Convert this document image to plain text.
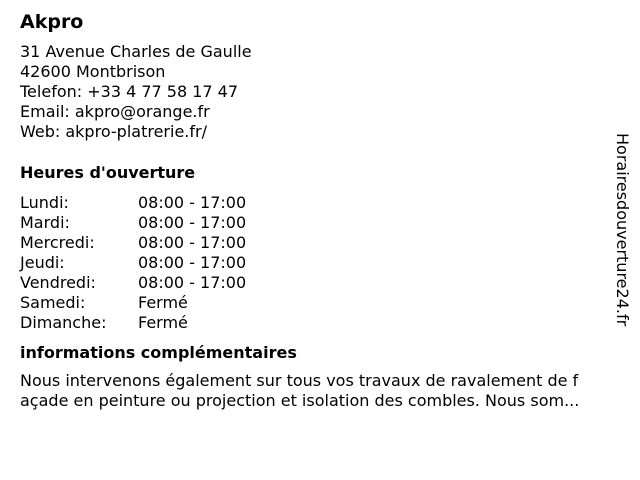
Akpro
31 Avenue Charles de Gaulle
42600 Montbrison
Telefon: +33 4 77 58 17 47
Email: akpro@orange.fr
Web: akpro-platrerie.fr/
Heures d'ouverture
Lundi:	08:00 - 17:00
Mardi:	08:00 - 17:00
Mercredi:	08:00 - 17:00
Jeudi:	08:00 - 17:00
Vendredi:	08:00 - 17:00
Samedi:	Fermé
Dimanche:	Fermé
informations complémentaires
Nous intervenons également sur tous vos travaux de ravalement de f
açade en peinture ou projection et isolation des combles. Nous som...
Horairesdouverture24.fr
